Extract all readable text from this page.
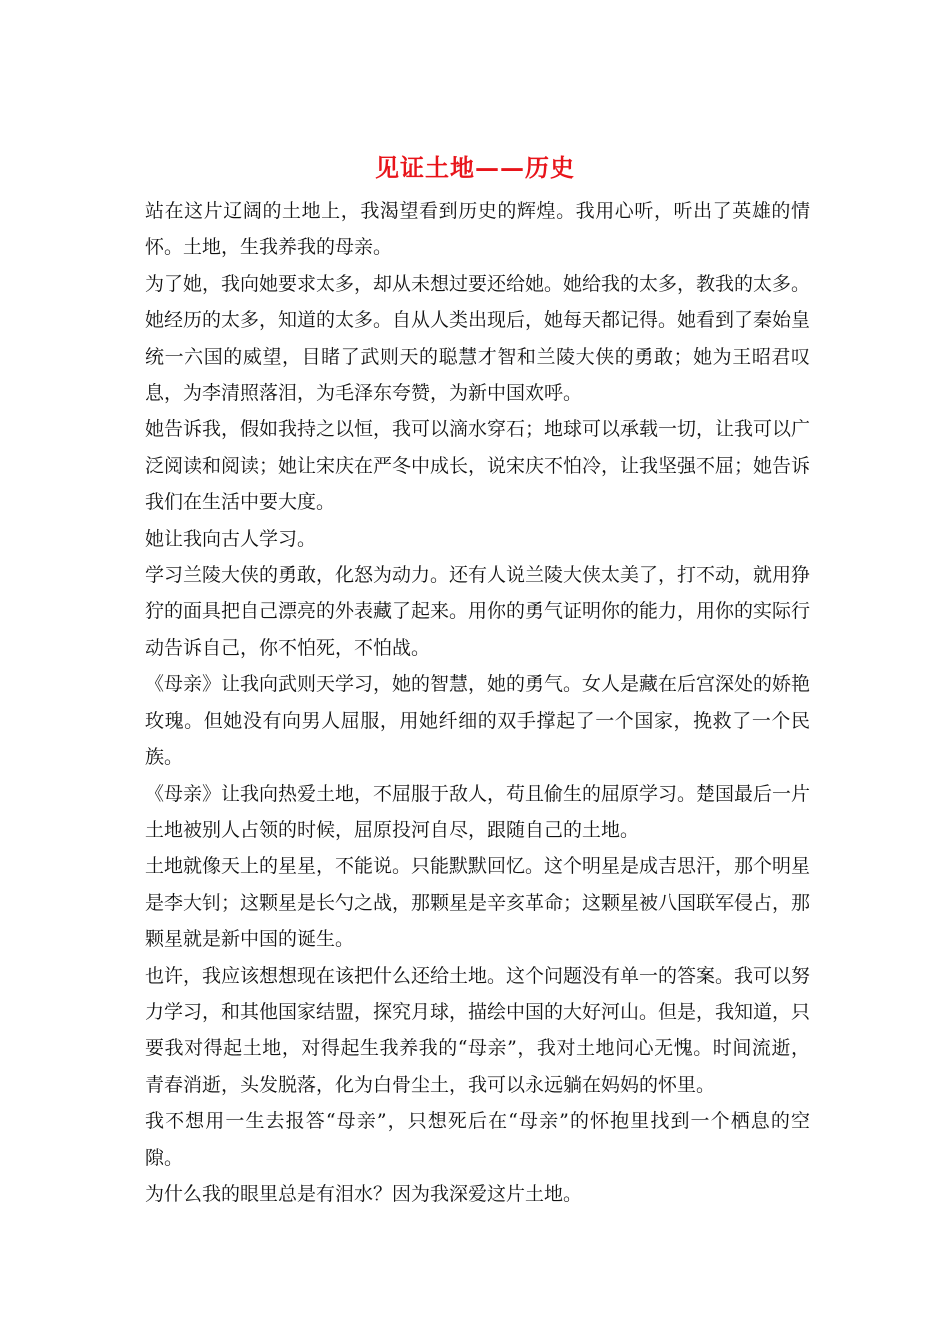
见证土地——历史

站在这片辽阔的土地上，我渴望看到历史的辉煌。我用心听，听出了英雄的情怀。土地，生我养我的母亲。

为了她，我向她要求太多，却从未想过要还给她。她给我的太多，教我的太多。她经历的太多，知道的太多。自从人类出现后，她每天都记得。她看到了秦始皇统一六国的威望，目睹了武则天的聪慧才智和兰陵大侠的勇敢；她为王昭君叹息，为李清照落泪，为毛泽东夸赞，为新中国欢呼。

她告诉我，假如我持之以恒，我可以滴水穿石；地球可以承载一切，让我可以广泛阅读和阅读；她让宋庆在严冬中成长，说宋庆不怕冷，让我坚强不屈；她告诉我们在生活中要大度。

她让我向古人学习。

学习兰陵大侠的勇敢，化怒为动力。还有人说兰陵大侠太美了，打不动，就用狰狞的面具把自己漂亮的外表藏了起来。用你的勇气证明你的能力，用你的实际行动告诉自己，你不怕死，不怕战。

《母亲》让我向武则天学习，她的智慧，她的勇气。女人是藏在后宫深处的娇艳玫瑰。但她没有向男人屈服，用她纤细的双手撑起了一个国家，挽救了一个民族。

《母亲》让我向热爱土地，不屈服于敌人，苟且偷生的屈原学习。楚国最后一片土地被别人占领的时候，屈原投河自尽，跟随自己的土地。

土地就像天上的星星，不能说。只能默默回忆。这个明星是成吉思汗，那个明星是李大钊；这颗星是长勺之战，那颗星是辛亥革命；这颗星被八国联军侵占，那颗星就是新中国的诞生。

也许，我应该想想现在该把什么还给土地。这个问题没有单一的答案。我可以努力学习，和其他国家结盟，探究月球，描绘中国的大好河山。但是，我知道，只要我对得起土地，对得起生我养我的“母亲”，我对土地问心无愧。时间流逝，青春消逝，头发脱落，化为白骨尘土，我可以永远躺在妈妈的怀里。

我不想用一生去报答“母亲”，只想死后在“母亲”的怀抱里找到一个栖息的空隙。

为什么我的眼里总是有泪水？因为我深爱这片土地。
